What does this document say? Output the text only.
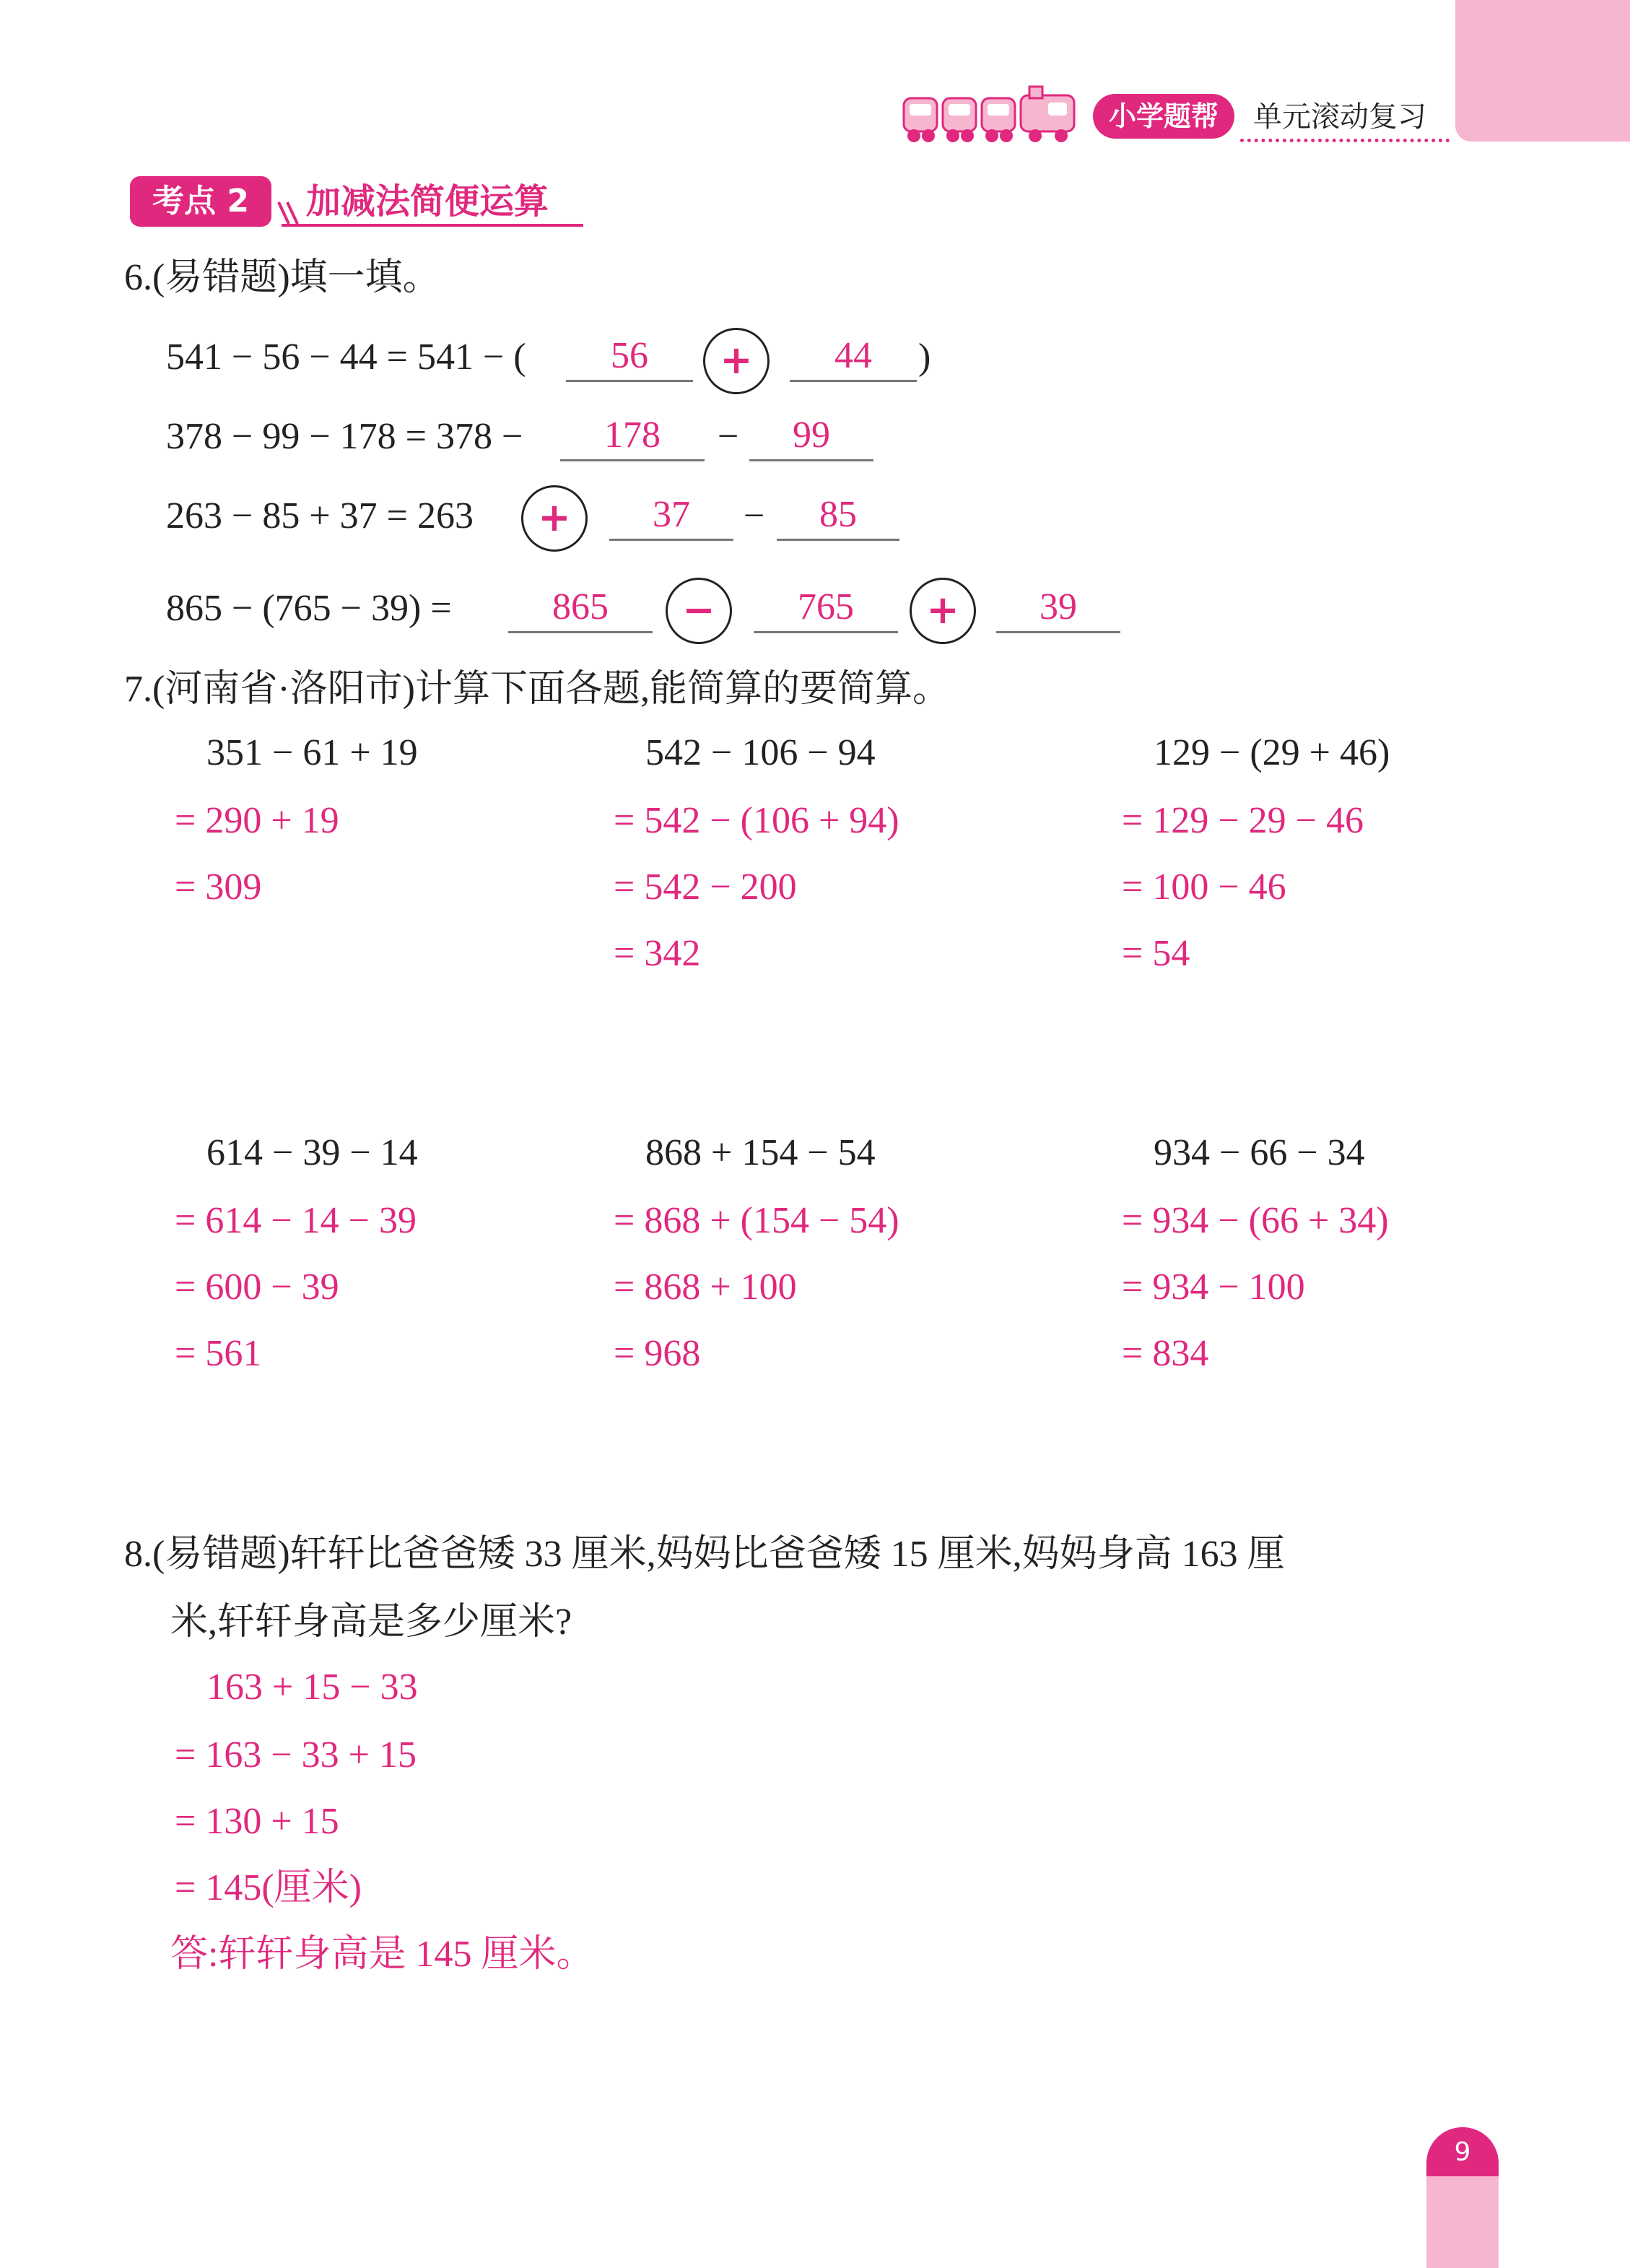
小学题帮	单元滚动复习
考点 2	加减法简便运算
6.(易错题)填一填。
541 − 56 − 44 = 541 − (	56	+	44	)
378 − 99 − 178 = 378 −	178	−	99
263 − 85 + 37 = 263	+	37	−	85
865 − (765 − 39) =	865	−	765	+	39
7.(河南省·洛阳市)计算下面各题,能简算的要简算。
351 − 61 + 19
= 290 + 19
= 309
542 − 106 − 94
= 542 − (106 + 94)
= 542 − 200
= 342
129 − (29 + 46)
= 129 − 29 − 46
= 100 − 46
= 54
614 − 39 − 14
= 614 − 14 − 39
= 600 − 39
= 561
868 + 154 − 54
= 868 + (154 − 54)
= 868 + 100
= 968
934 − 66 − 34
= 934 − (66 + 34)
= 934 − 100
= 834
8.(易错题)轩轩比爸爸矮 33 厘米,妈妈比爸爸矮 15 厘米,妈妈身高 163 厘
米,轩轩身高是多少厘米?
163 + 15 − 33
= 163 − 33 + 15
= 130 + 15
= 145(厘米)
答:轩轩身高是 145 厘米。
9
